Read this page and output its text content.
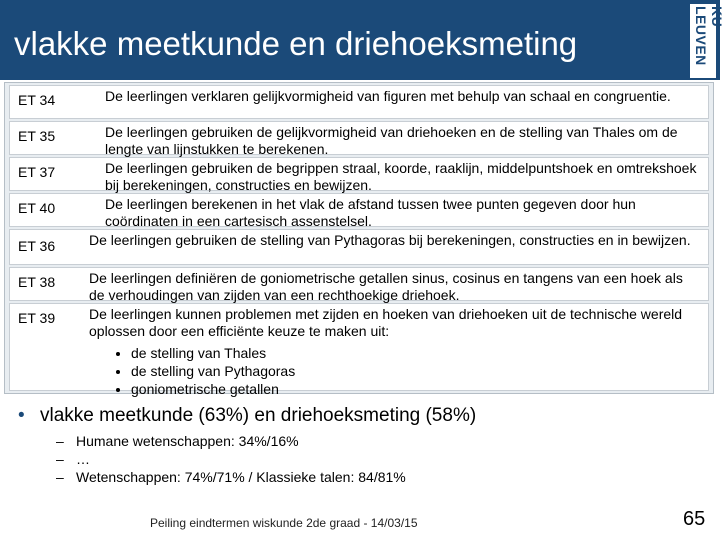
vlakke meetkunde en driehoeksmeting
KU LEUVEN
ET 34	De leerlingen verklaren gelijkvormigheid van figuren met behulp van schaal en congruentie.
ET 35	De leerlingen gebruiken de gelijkvormigheid van driehoeken en de stelling van Thales om de lengte van lijnstukken te berekenen.
ET 37	De leerlingen gebruiken de begrippen straal, koorde, raaklijn, middelpuntshoek en omtrekshoek bij berekeningen, constructies en bewijzen.
ET 40	De leerlingen berekenen in het vlak de afstand tussen twee punten gegeven door hun coördinaten in een cartesisch assenstelsel.
ET 36 De leerlingen gebruiken de stelling van Pythagoras bij berekeningen, constructies en in bewijzen.
ET 38 De leerlingen definiëren de goniometrische getallen sinus, cosinus en tangens van een hoek als de verhoudingen van zijden van een rechthoekige driehoek.
ET 39 De leerlingen kunnen problemen met zijden en hoeken van driehoeken uit de technische wereld oplossen door een efficiënte keuze te maken uit:
• de stelling van Thales
• de stelling van Pythagoras
• goniometrische getallen
• vlakke meetkunde (63%) en driehoeksmeting (58%)
– Humane wetenschappen: 34%/16%
– …
– Wetenschappen: 74%/71% / Klassieke talen: 84/81%
Peiling eindtermen wiskunde 2de graad - 14/03/15	65
